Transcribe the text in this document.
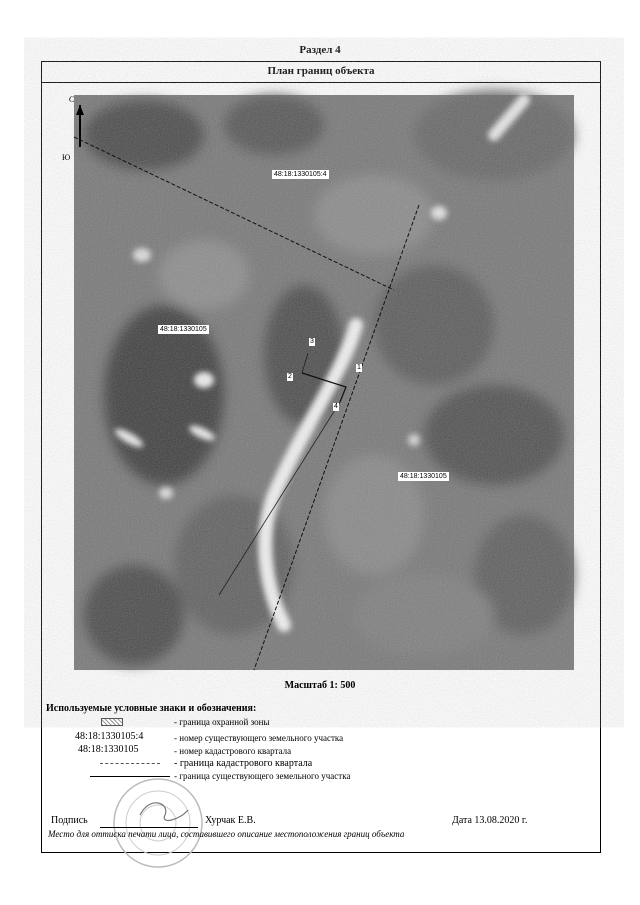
Раздел 4
План границ объекта
С
Ю
48:18:1330105:4
48:18:1330105
48:18:1330105
3
2
1
4
Масштаб 1: 500
Используемые условные знаки и обозначения:
- граница охранной зоны
48:18:1330105:4	- номер существующего земельного участка
48:18:1330105	- номер кадастрового квартала
- граница кадастрового квартала
- граница существующего земельного участка
Подпись	Хурчак Е.В.	Дата 13.08.2020 г.
Место для оттиска печати лица, составившего описание местоположения границ объекта
